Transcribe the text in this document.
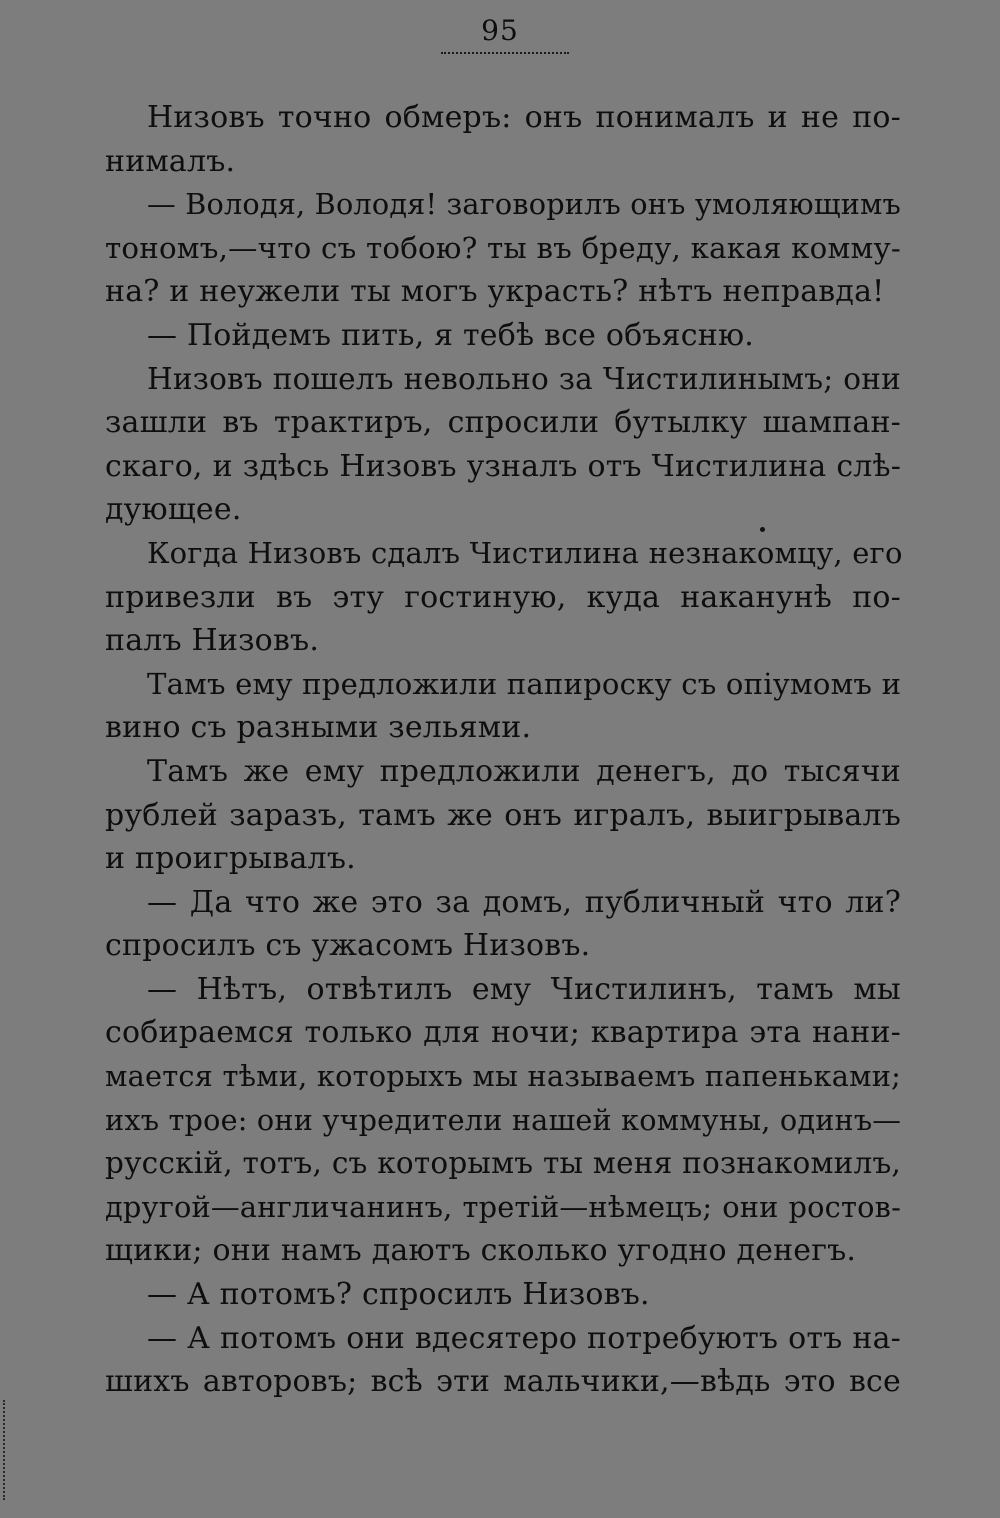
95
Низовъ точно обмеръ: онъ понималъ и не по-
нималъ.
— Володя, Володя! заговорилъ онъ умоляющимъ
тономъ,—что съ тобою? ты въ бреду, какая комму-
на? и неужели ты могъ украсть? нѣтъ неправда!
— Пойдемъ пить, я тебѣ все объясню.
Низовъ пошелъ невольно за Чистилинымъ; они
зашли въ трактиръ, спросили бутылку шампан-
скаго, и здѣсь Низовъ узналъ отъ Чистилина слѣ-
дующее.
Когда Низовъ сдалъ Чистилина незнакомцу, его
привезли въ эту гостиную, куда наканунѣ по-
палъ Низовъ.
Тамъ ему предложили папироску съ опiумомъ и
вино съ разными зельями.
Тамъ же ему предложили денегъ, до тысячи
рублей заразъ, тамъ же онъ игралъ, выигрывалъ
и проигрывалъ.
— Да что же это за домъ, публичный что ли?
спросилъ съ ужасомъ Низовъ.
— Нѣтъ, отвѣтилъ ему Чистилинъ, тамъ мы
собираемся только для ночи; квартира эта нани-
мается тѣми, которыхъ мы называемъ папеньками;
ихъ трое: они учредители нашей коммуны, одинъ—
русскiй, тотъ, съ которымъ ты меня познакомилъ,
другой—англичанинъ, третiй—нѣмецъ; они ростов-
щики; они намъ даютъ сколько угодно денегъ.
— А потомъ? спросилъ Низовъ.
— А потомъ они вдесятеро потребуютъ отъ на-
шихъ авторовъ; всѣ эти мальчики,—вѣдь это все
